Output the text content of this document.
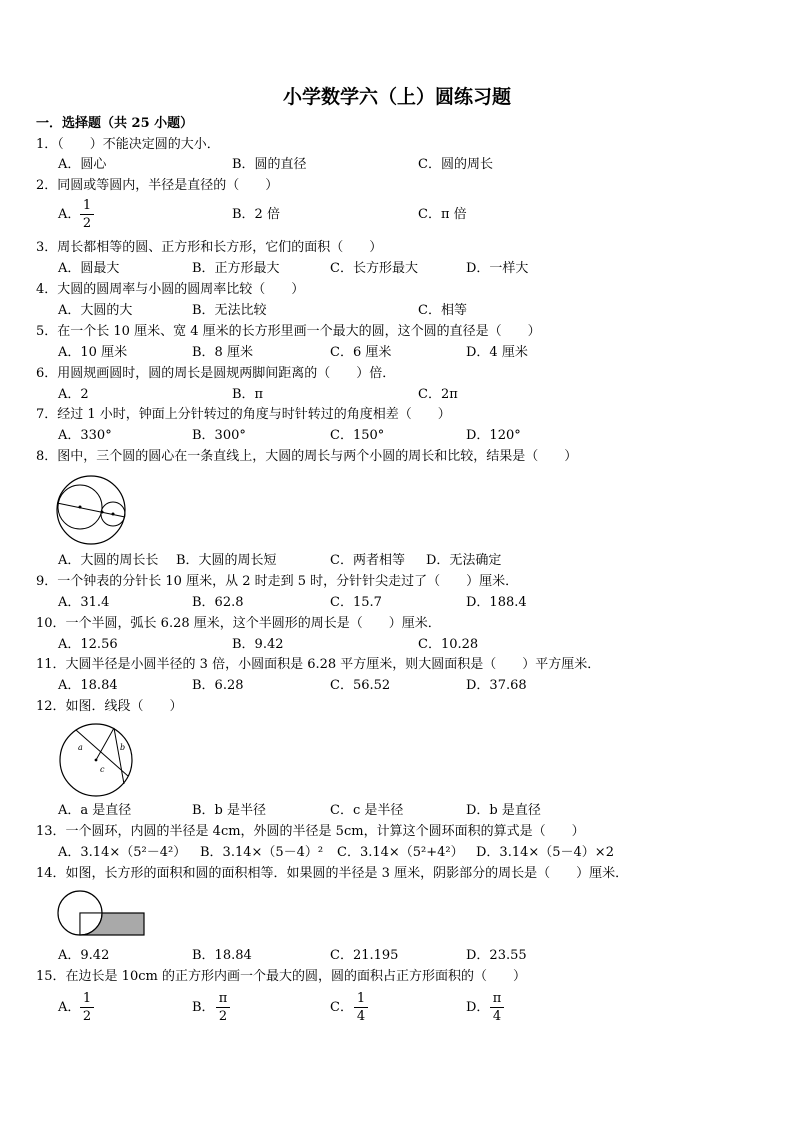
小学数学六（上）圆练习题
一．选择题（共 25 小题）
1．（　　）不能决定圆的大小．
A．圆心	B．圆的直径	C．圆的周长
2．同圆或等圆内，半径是直径的（　　）
A．
1
2
B．2 倍	C．π 倍
3．周长都相等的圆、正方形和长方形，它们的面积（　　）
A．圆最大	B．正方形最大	C．长方形最大	D．一样大
4．大圆的圆周率与小圆的圆周率比较（　　）
A．大圆的大	B．无法比较	C．相等
5．在一个长 10 厘米、宽 4 厘米的长方形里画一个最大的圆，这个圆的直径是（　　）
A．10 厘米	B．8 厘米	C．6 厘米	D．4 厘米
6．用圆规画圆时，圆的周长是圆规两脚间距离的（　　）倍．
A．2	B．π	C．2π
7．经过 1 小时，钟面上分针转过的角度与时针转过的角度相差（　　）
A．330°	B．300°	C．150°	D．120°
8．图中，三个圆的圆心在一条直线上，大圆的周长与两个小圆的周长和比较，结果是（　　）
A．大圆的周长长 B．大圆的周长短	C．两者相等 D．无法确定
9．一个钟表的分针长 10 厘米，从 2 时走到 5 时，分针针尖走过了（　　）厘米．
A．31.4	B．62.8	C．15.7	D．188.4
10．一个半圆，弧长 6.28 厘米，这个半圆形的周长是（　　）厘米．
A．12.56	B．9.42	C．10.28
11．大圆半径是小圆半径的 3 倍，小圆面积是 6.28 平方厘米，则大圆面积是（　　）平方厘米．
A．18.84	B．6.28	C．56.52	D．37.68
12．如图．线段（　　）
a	b
c
A．a 是直径	B．b 是半径	C．c 是半径	D．b 是直径
13．一个圆环，内圆的半径是 4cm，外圆的半径是 5cm，计算这个圆环面积的算式是（　　）
A．3.14×（5²－4²） B．3.14×（5－4）² C．3.14×（5²+4²） D．3.14×（5－4）×2
14．如图，长方形的面积和圆的面积相等．如果圆的半径是 3 厘米，阴影部分的周长是（　　）厘米．
A．9.42	B．18.84	C．21.195	D．23.55
15．在边长是 10cm 的正方形内画一个最大的圆，圆的面积占正方形面积的（　　）
A．
1
2
B．
π
2
C．
1
4
D．
π
4
